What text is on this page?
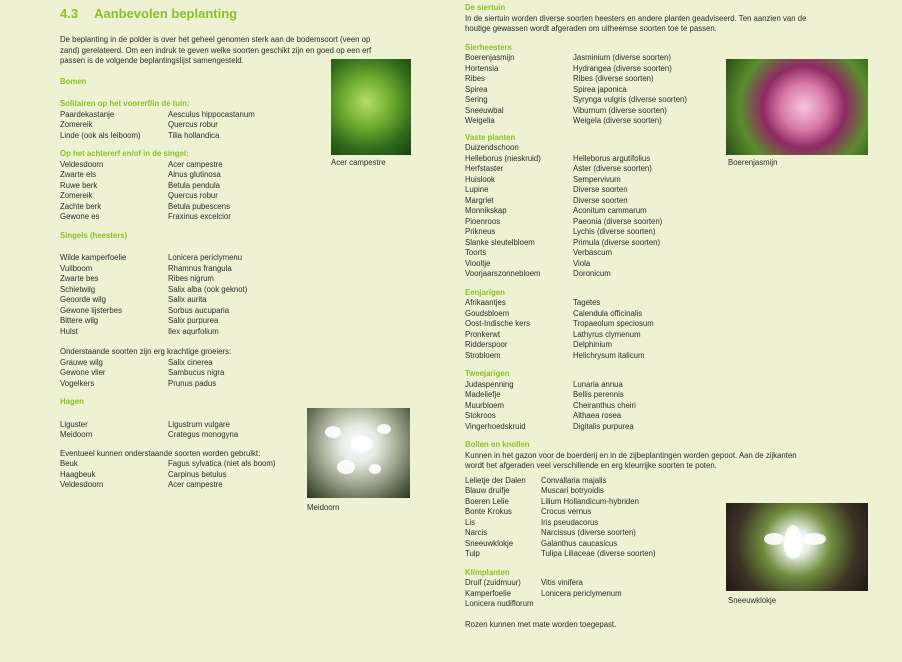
4.3 Aanbevolen beplanting

De beplanting in de polder is over het geheel genomen sterk aan de bodemsoort (veen op zand) gerelateerd. Om een indruk te geven welke soorten geschikt zijn en goed op een erf passen is de volgende beplantingslijst samengesteld.

Bomen

Solitairen op het voorerf/in de tuin:

Paardekastanje	Aesculus hippocastanum
Zomereik	Quercus robur
Linde (ook als leiboom)	Tilia hollandica

Op het achtererf en/of in de singel:

Veldesdoorn	Acer campestre
Zwarte els	Alnus glutinosa
Ruwe berk	Betula pendula
Zomereik	Quercus robur
Zachte berk	Betula pubescens
Gewone es	Fraxinus excelcior

Singels (heesters)

Wilde kamperfoelie	Lonicera periclymenu
Vuilboom	Rhamnus frangula
Zwarte bes	Ribes nigrum
Schietwilg	Salix alba (ook geknot)
Geoorde wilg	Salix aurita
Gewone lijsterbes	Sorbus aucuparia
Bittere wilg	Salix purpurea
Hulst	Ilex aqurfolium

Onderstaande soorten zijn erg krachtige groeiers:

Grauwe wilg	Salix cinerea
Gewone vlier	Sambucus nigra
Vogelkers	Prunus padus

Hagen

Liguster	Ligustrum vulgare
Meidoorn	Crategus monogyna

Eventueel kunnen onderstaande soorten worden gebruikt:

Beuk	Fagus sylvatica (niet als boom)
Haagbeuk	Carpinus betulus
Veldesdoorn	Acer campestre
Acer campestre
Meidoorn

De siertuin

In de siertuin worden diverse soorten heesters en andere planten geadviseerd. Ten aanzien van de houtige gewassen wordt afgeraden om uitheemse soorten toe te passen.

Sierheesters

Boerenjasmijn	Jasminium (diverse soorten)
Hortensia	Hydrangea (diverse soorten)
Ribes	Ribes (diverse soorten)
Spirea	Spirea japonica
Sering	Syrynga vulgris (diverse soorten)
Sneeuwbal	Viburnum (diverse soorten)
Weigelia	Weigela (diverse soorten)

Vaste planten

Duizendschoon
Helleborus (nieskruid)	Helleborus argutifolius
Herfstaster	Aster (diverse soorten)
Huislook	Sempervivum
Lupine	Diverse soorten
Margriet	Diverse soorten
Monnikskap	Aconitum cammarum
Pioenroos	Paeonia (diverse soorten)
Prikneus	Lychis (diverse soorten)
Slanke sleutelbloem	Primula (diverse soorten)
Toorts	Verbascum
Viooltje	Viola
Voorjaarszonnebloem	Doronicum

Eenjarigen

Afrikaantjes	Tagetes
Goudsbloem	Calendula officinalis
Oost-Indische kers	Tropaeolum speciosum
Pronkerwt	Lathyrus clymenum
Ridderspoor	Delphinium
Strobloem	Helichrysum italicum

Tweejarigen

Judaspenning	Lunaria annua
Madeliefje	Bellis perennis
Muurbloem	Cheiranthus cheiri
Stokroos	Althaea rosea
Vingerhoedskruid	Digitalis purpurea

Bollen en knollen

Kunnen in het gazon voor de boerderij en in de zijbeplantingen worden gepoot. Aan de zijkanten wordt het afgeraden veel verschillende en erg kleurrijke soorten te poten.

Lelietje der Dalen	Convallaria majalis
Blauw druifje	Muscari botryoidis
Boeren Lelie	Lilium Hollandicum-hybriden
Bonte Krokus	Crocus vernus
Lis	Iris pseudacorus
Narcis	Narcissus (diverse soorten)
Sneeuwklokje	Galanthus caucasicus
Tulp	Tulipa Liliaceae (diverse soorten)

Klimplanten

Druif (zuidmuur)	Vitis vinifera
Kamperfoelie	Lonicera periclymenum
Lonicera nudiflorum

Rozen kunnen met mate worden toegepast.

Boerenjasmijn
Sneeuwklokje
